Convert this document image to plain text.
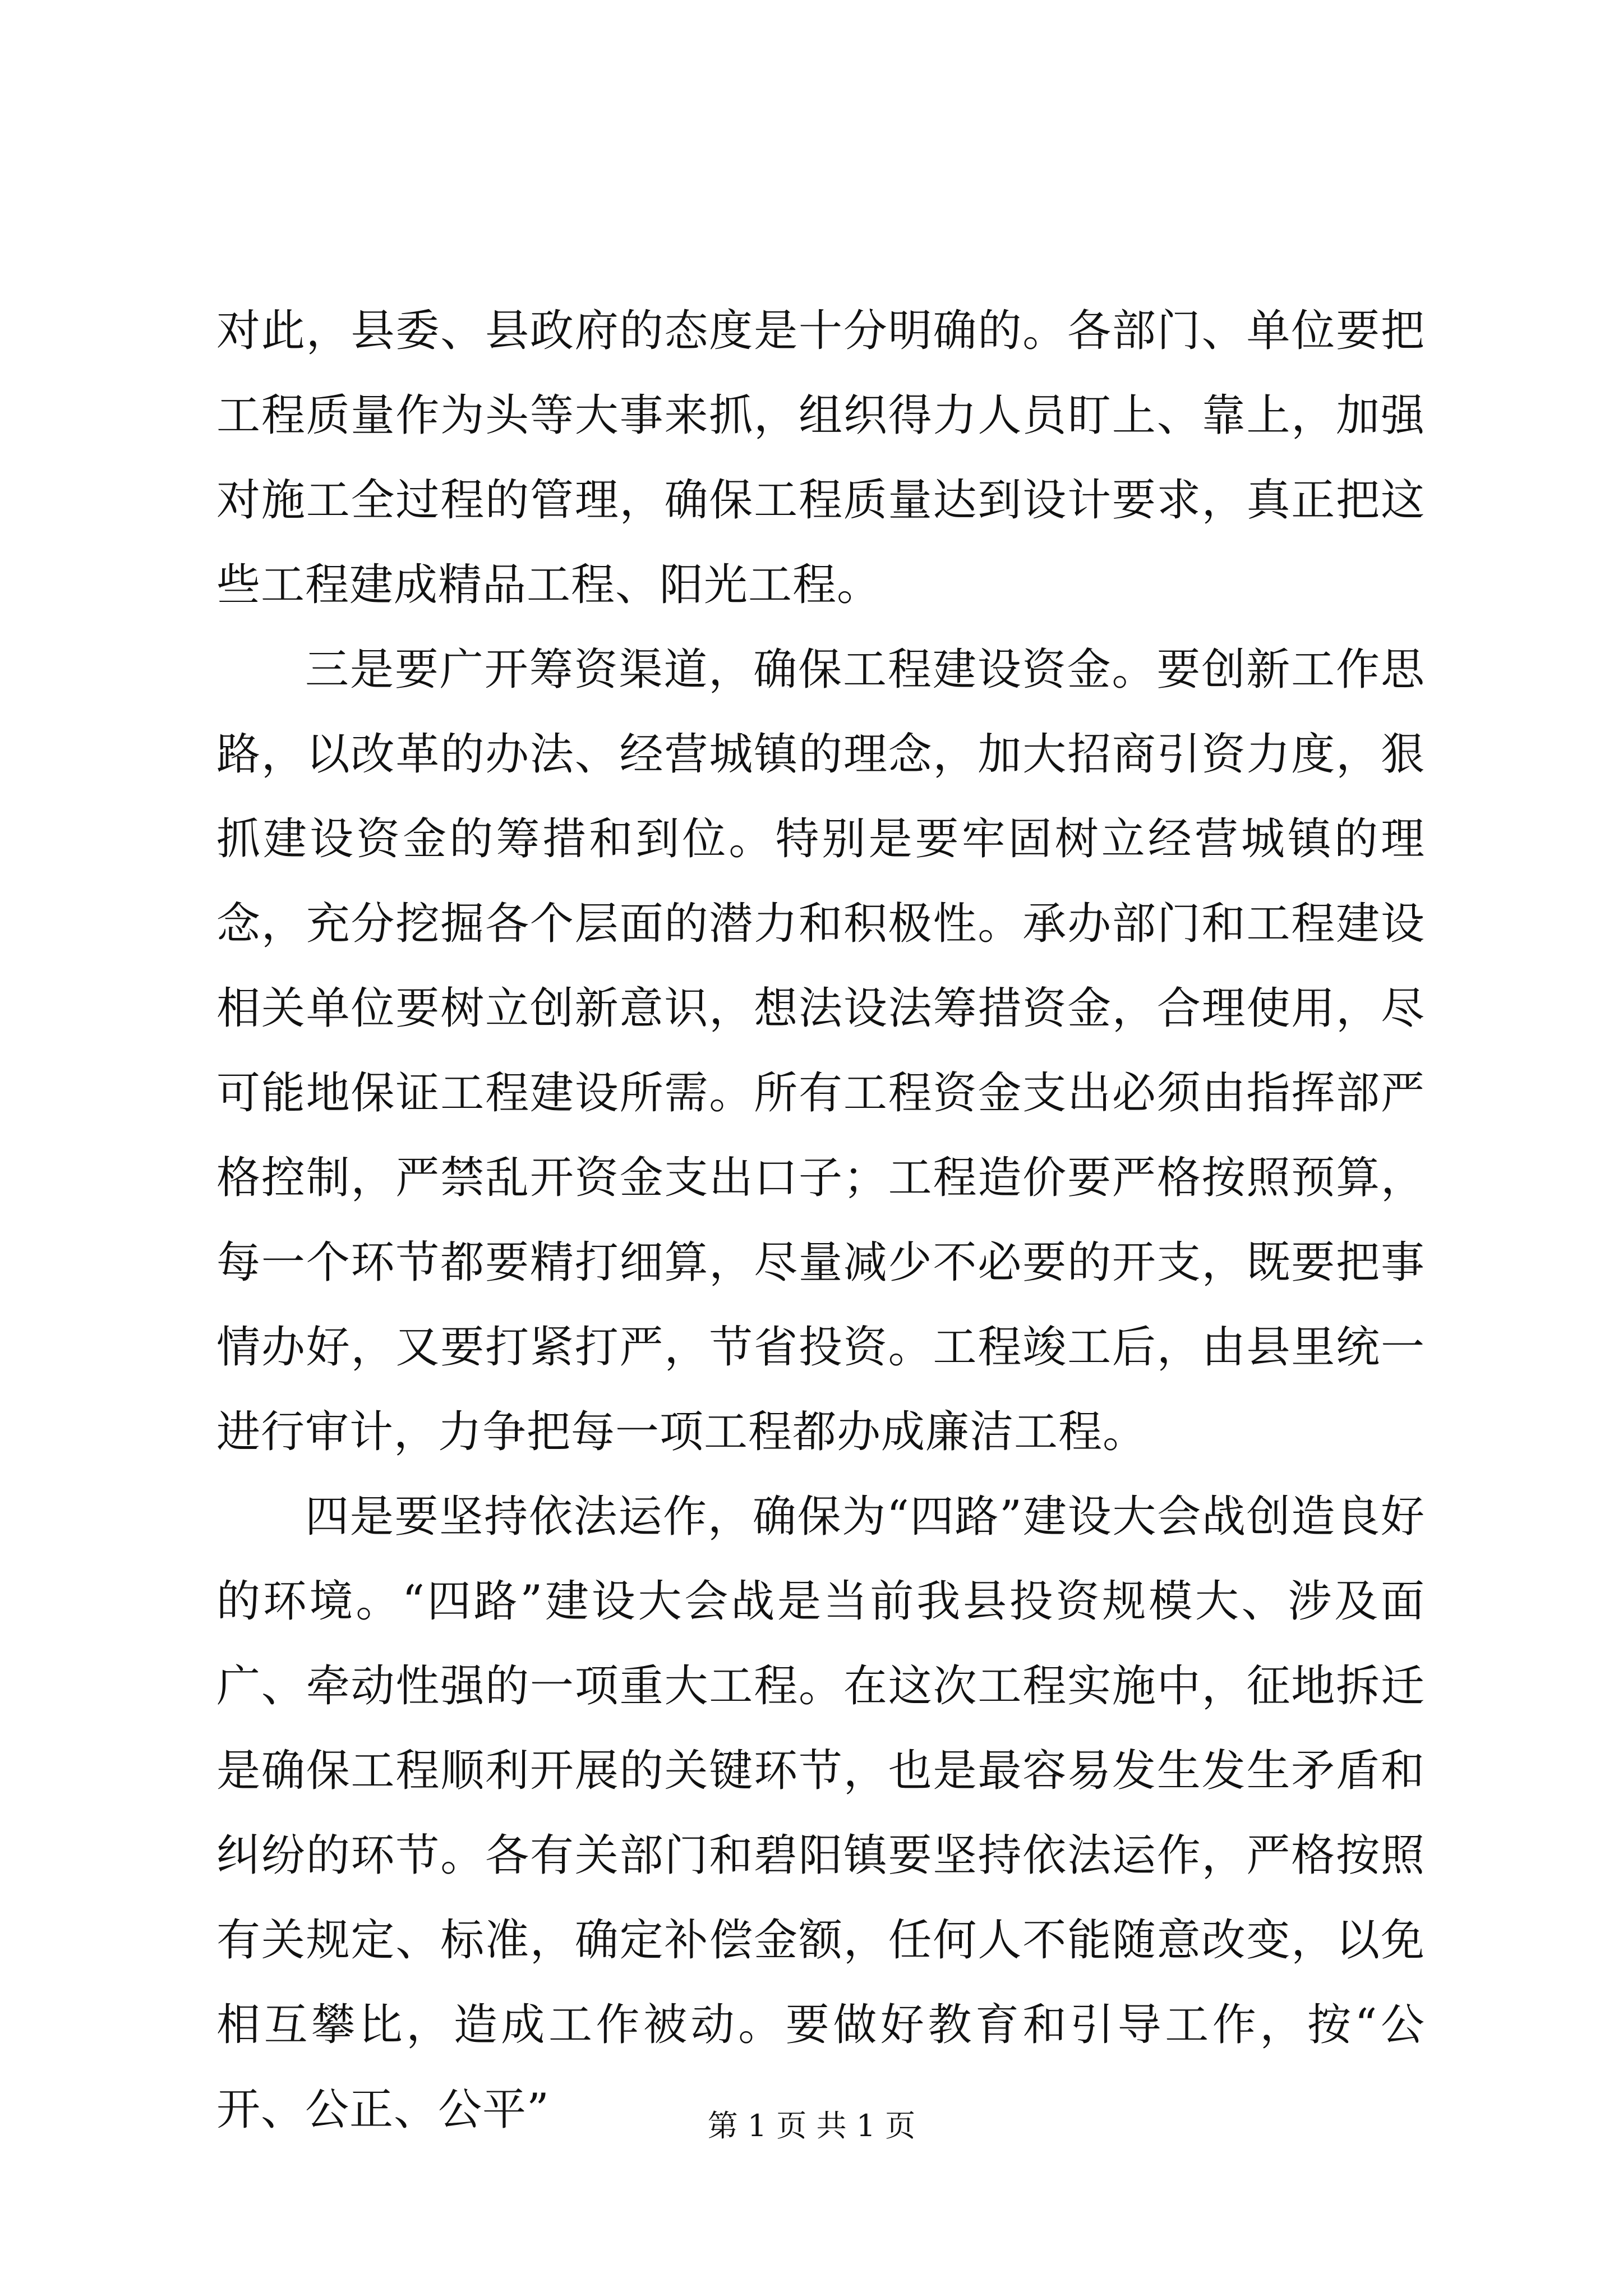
对此，县委、县政府的态度是十分明确的。各部门、单位要把工程质量作为头等大事来抓，组织得力人员盯上、靠上，加强对施工全过程的管理，确保工程质量达到设计要求，真正把这些工程建成精品工程、阳光工程。

三是要广开筹资渠道，确保工程建设资金。要创新工作思路，以改革的办法、经营城镇的理念，加大招商引资力度，狠抓建设资金的筹措和到位。特别是要牢固树立经营城镇的理念，充分挖掘各个层面的潜力和积极性。承办部门和工程建设相关单位要树立创新意识，想法设法筹措资金，合理使用，尽可能地保证工程建设所需。所有工程资金支出必须由指挥部严格控制，严禁乱开资金支出口子；工程造价要严格按照预算，每一个环节都要精打细算，尽量减少不必要的开支，既要把事情办好，又要打紧打严，节省投资。工程竣工后，由县里统一进行审计，力争把每一项工程都办成廉洁工程。

四是要坚持依法运作，确保为“四路”建设大会战创造良好的环境。“四路”建设大会战是当前我县投资规模大、涉及面广、牵动性强的一项重大工程。在这次工程实施中，征地拆迁是确保工程顺利开展的关键环节，也是最容易发生发生矛盾和纠纷的环节。各有关部门和碧阳镇要坚持依法运作，严格按照有关规定、标准，确定补偿金额，任何人不能随意改变，以免相互攀比，造成工作被动。要做好教育和引导工作，按“公开、公正、公平”	第 1 页 共 1 页
